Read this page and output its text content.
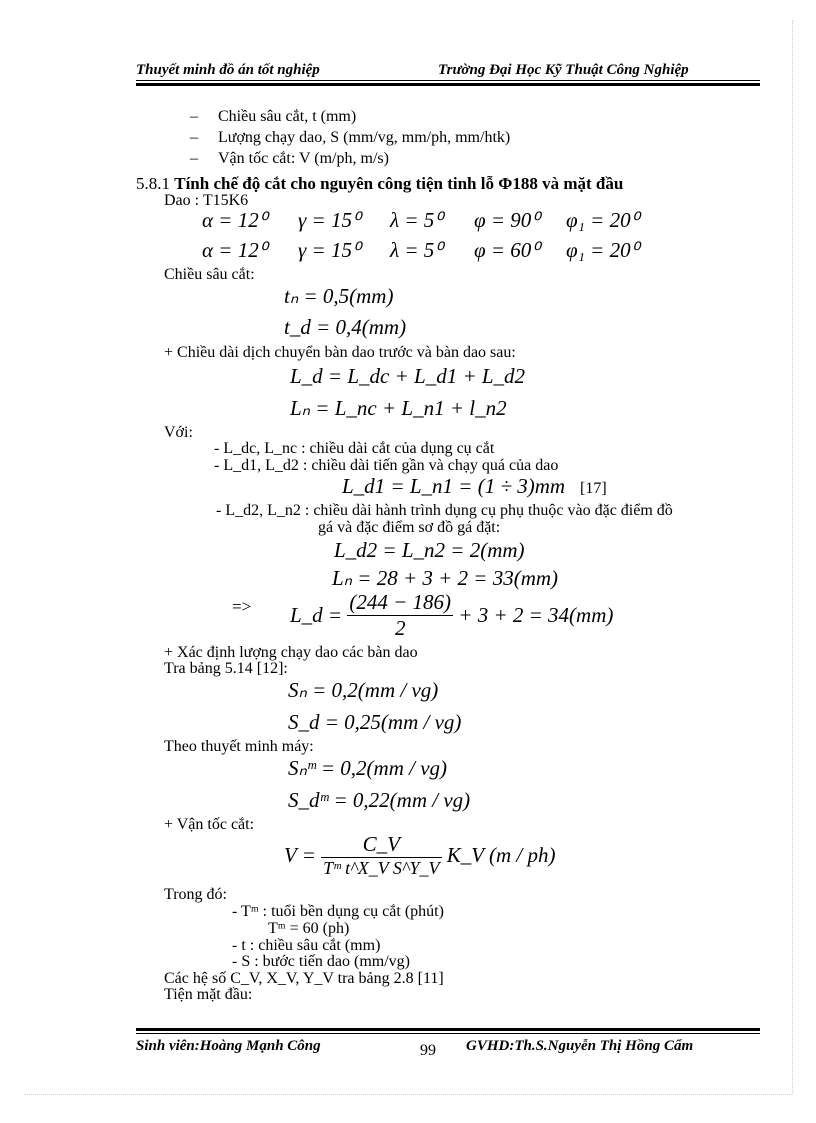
Thuyết minh đồ án tốt nghiệp	Trường Đại Học Kỹ Thuật Công Nghiệp
– Chiều sâu cắt, t (mm)
– Lượng chạy dao, S (mm/vg, mm/ph, mm/htk)
– Vận tốc cắt: V (m/ph, m/s)
5.8.1 Tính chế độ cắt cho nguyên công tiện tinh lỗ Φ188 và mặt đầu
Dao : T15K6
α = 12⁰ γ = 15⁰ λ = 5⁰ φ = 90⁰ φ₁ = 20⁰
α = 12⁰ γ = 15⁰ λ = 5⁰ φ = 60⁰ φ₁ = 20⁰
Chiều sâu cắt:
tₙ = 0,5(mm)
t_d = 0,4(mm)
+ Chiều dài dịch chuyển bàn dao trước và bàn dao sau:
L_d = L_dc + L_d1 + L_d2
Lₙ = L_nc + L_n1 + l_n2
Với:
- L_dc, L_nc : chiều dài cắt của dụng cụ cắt
- L_d1, L_d2 : chiều dài tiến gần và chạy quá của dao
L_d1 = L_n1 = (1 ÷ 3)mm [17]
- L_d2, L_n2 : chiều dài hành trình dụng cụ phụ thuộc vào đặc điểm đồ
gá và đặc điểm sơ đồ gá đặt:
L_d2 = L_n2 = 2(mm)
Lₙ = 28 + 3 + 2 = 33(mm)
=> L_d = $\frac{(244 - 186)}{2} + 3 + 2 = 34(mm)$
+ Xác định lượng chạy dao các bàn dao
Tra bảng 5.14 [12]:
Sₙ = 0,2(mm / vg)
S_d = 0,25(mm / vg)
Theo thuyết minh máy:
Sₙᵐ = 0,2(mm / vg)
S_dᵐ = 0,22(mm / vg)
+ Vận tốc cắt:
$V = \frac{C\_V}{\text{Tᵐ t\textasciicircum{}X\_V S\textasciicircum{}Y\_V}}$ K_V (m / ph)
Trong đó:
- Tᵐ : tuổi bền dụng cụ cắt (phút)
Tᵐ = 60 (ph)
- t : chiều sâu cắt (mm)
- S : bước tiến dao (mm/vg)
Các hệ số C_V, X_V, Y_V tra bảng 2.8 [11]
Tiện mặt đầu:
Sinh viên:Hoàng Mạnh Công	99 GVHD:Th.S.Nguyễn Thị Hồng Cẩm
